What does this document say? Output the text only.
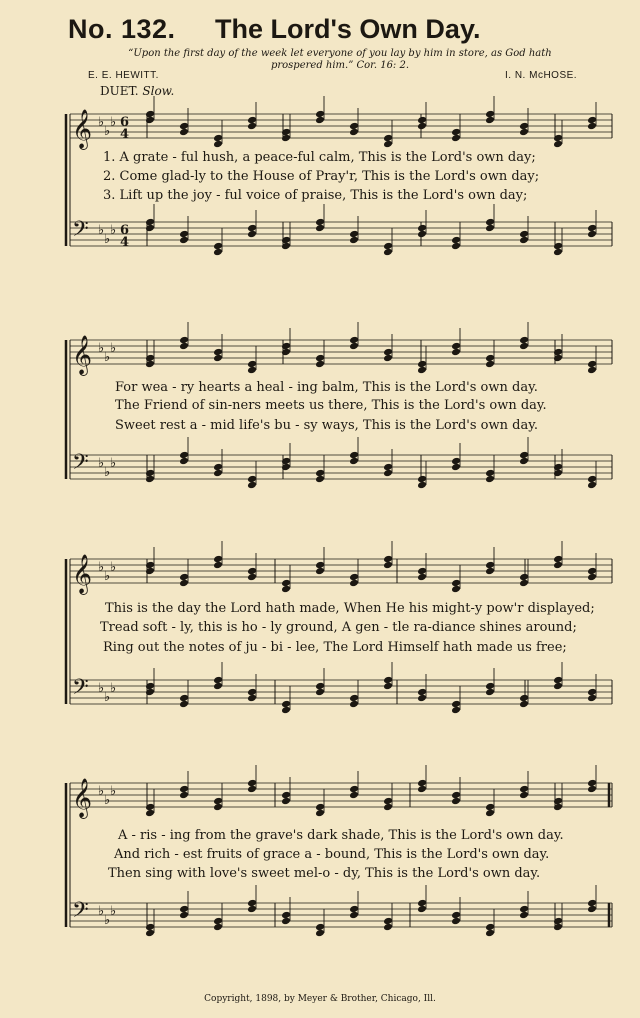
No. 132. The Lord's Own Day.
“Upon the first day of the week let everyone of you lay by him in store, as God hath
prospered him.” Cor. 16: 2.
E. E. HEWITT.	I. N. McHOSE.
DUET. Slow.
𝄞 ♭
♭
♭ 6
4
𝄢 ♭
♭
♭ 6
4
𝄞 ♭
♭
♭
𝄢 ♭
♭
♭
𝄞 ♭
♭
♭
𝄢 ♭
♭
♭
𝄞 ♭
♭
♭
𝄢 ♭
♭
♭
1. A grate - ful hush, a peace-ful calm, This is the Lord's own day;
2. Come glad-ly to the House of Pray'r, This is the Lord's own day;
3. Lift up the joy - ful voice of praise, This is the Lord's own day;
For wea - ry hearts a heal - ing balm, This is the Lord's own day.
The Friend of sin-ners meets us there, This is the Lord's own day.
Sweet rest a - mid life's bu - sy ways, This is the Lord's own day.
This is the day the Lord hath made, When He his might-y pow'r displayed;
Tread soft - ly, this is ho - ly ground, A gen - tle ra-diance shines around;
Ring out the notes of ju - bi - lee, The Lord Himself hath made us free;
A - ris - ing from the grave's dark shade, This is the Lord's own day.
And rich - est fruits of grace a - bound, This is the Lord's own day.
Then sing with love's sweet mel-o - dy, This is the Lord's own day.
Copyright, 1898, by Meyer & Brother, Chicago, Ill.
